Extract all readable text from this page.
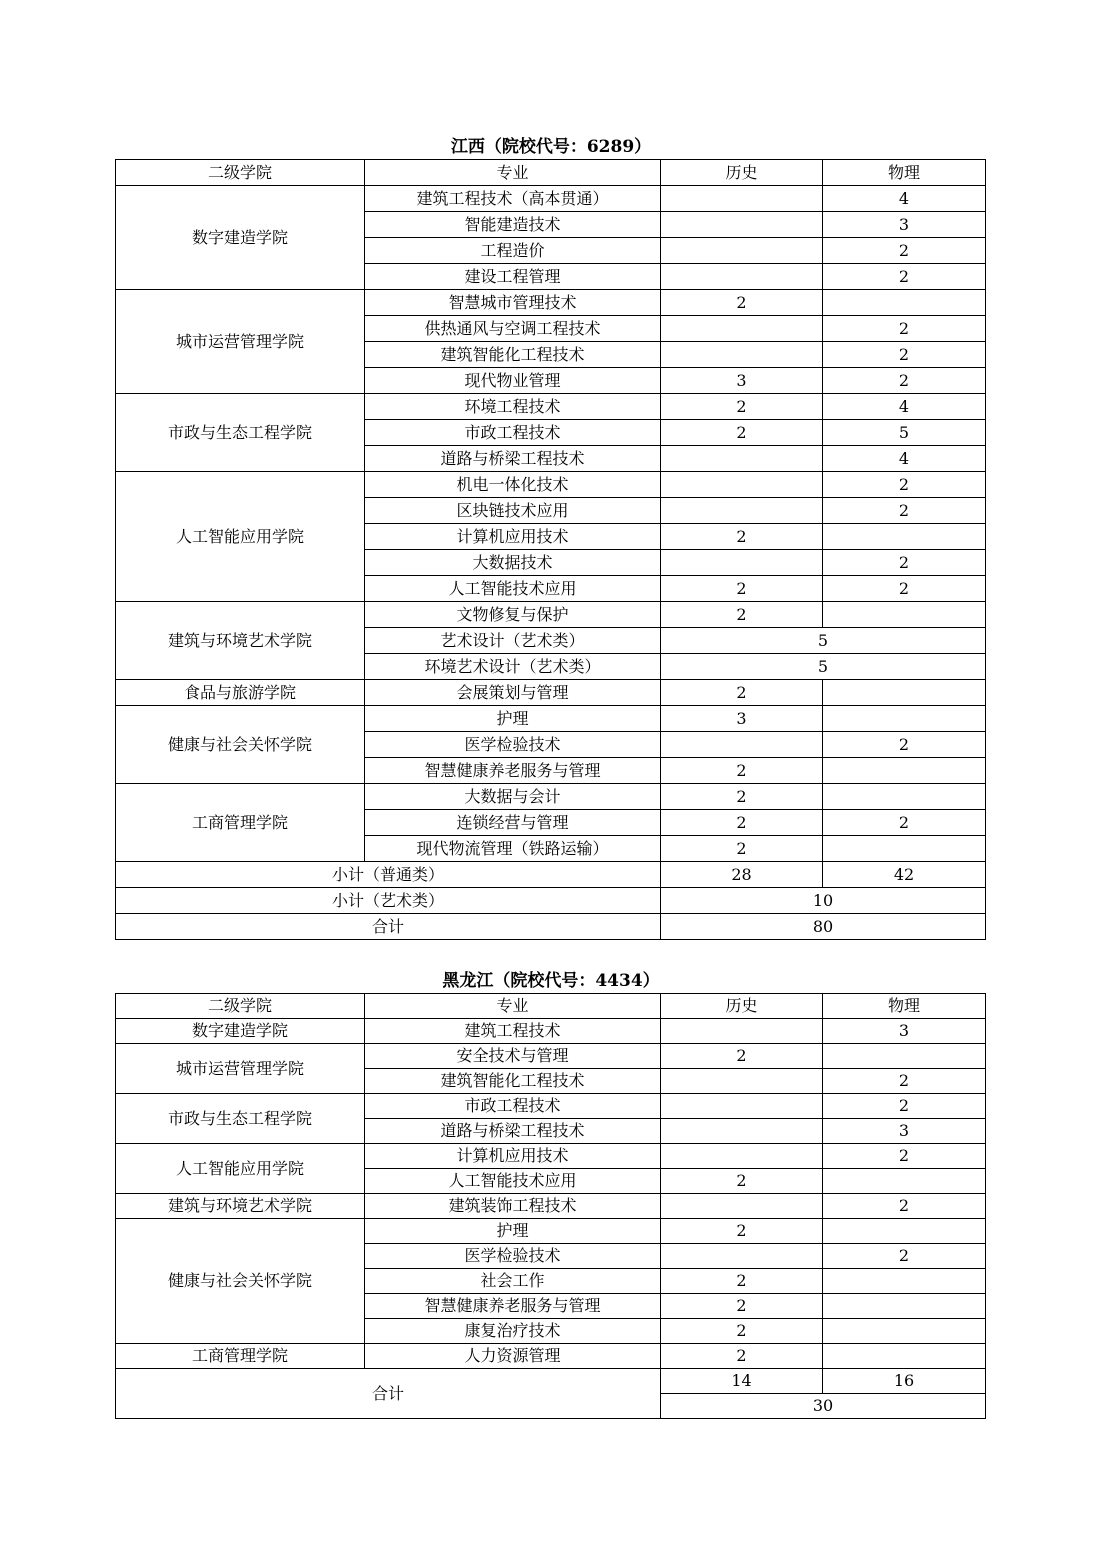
江西（院校代号：6289）
二级学院	专业	历史	物理
数字建造学院	建筑工程技术（高本贯通）		4
	智能建造技术		3
	工程造价		2
	建设工程管理		2
城市运营管理学院	智慧城市管理技术	2	
	供热通风与空调工程技术		2
	建筑智能化工程技术		2
	现代物业管理	3	2
市政与生态工程学院	环境工程技术	2	4
	市政工程技术	2	5
	道路与桥梁工程技术		4
人工智能应用学院	机电一体化技术		2
	区块链技术应用		2
	计算机应用技术	2	
	大数据技术		2
	人工智能技术应用	2	2
建筑与环境艺术学院	文物修复与保护	2	
	艺术设计（艺术类）	5	
	环境艺术设计（艺术类）	5	
食品与旅游学院	会展策划与管理	2	
健康与社会关怀学院	护理	3	
	医学检验技术		2
	智慧健康养老服务与管理	2	
工商管理学院	大数据与会计	2	
	连锁经营与管理	2	2
	现代物流管理（铁路运输）	2	
小计（普通类）		28	42
小计（艺术类）		10	
合计		80	
黑龙江（院校代号：4434）
二级学院	专业	历史	物理
数字建造学院	建筑工程技术		3
城市运营管理学院	安全技术与管理	2	
	建筑智能化工程技术		2
市政与生态工程学院	市政工程技术		2
	道路与桥梁工程技术		3
人工智能应用学院	计算机应用技术		2
	人工智能技术应用	2	
建筑与环境艺术学院	建筑装饰工程技术		2
健康与社会关怀学院	护理	2	
	医学检验技术		2
	社会工作	2	
	智慧健康养老服务与管理	2	
	康复治疗技术	2	
工商管理学院	人力资源管理	2	
合计		14	16
		30	
